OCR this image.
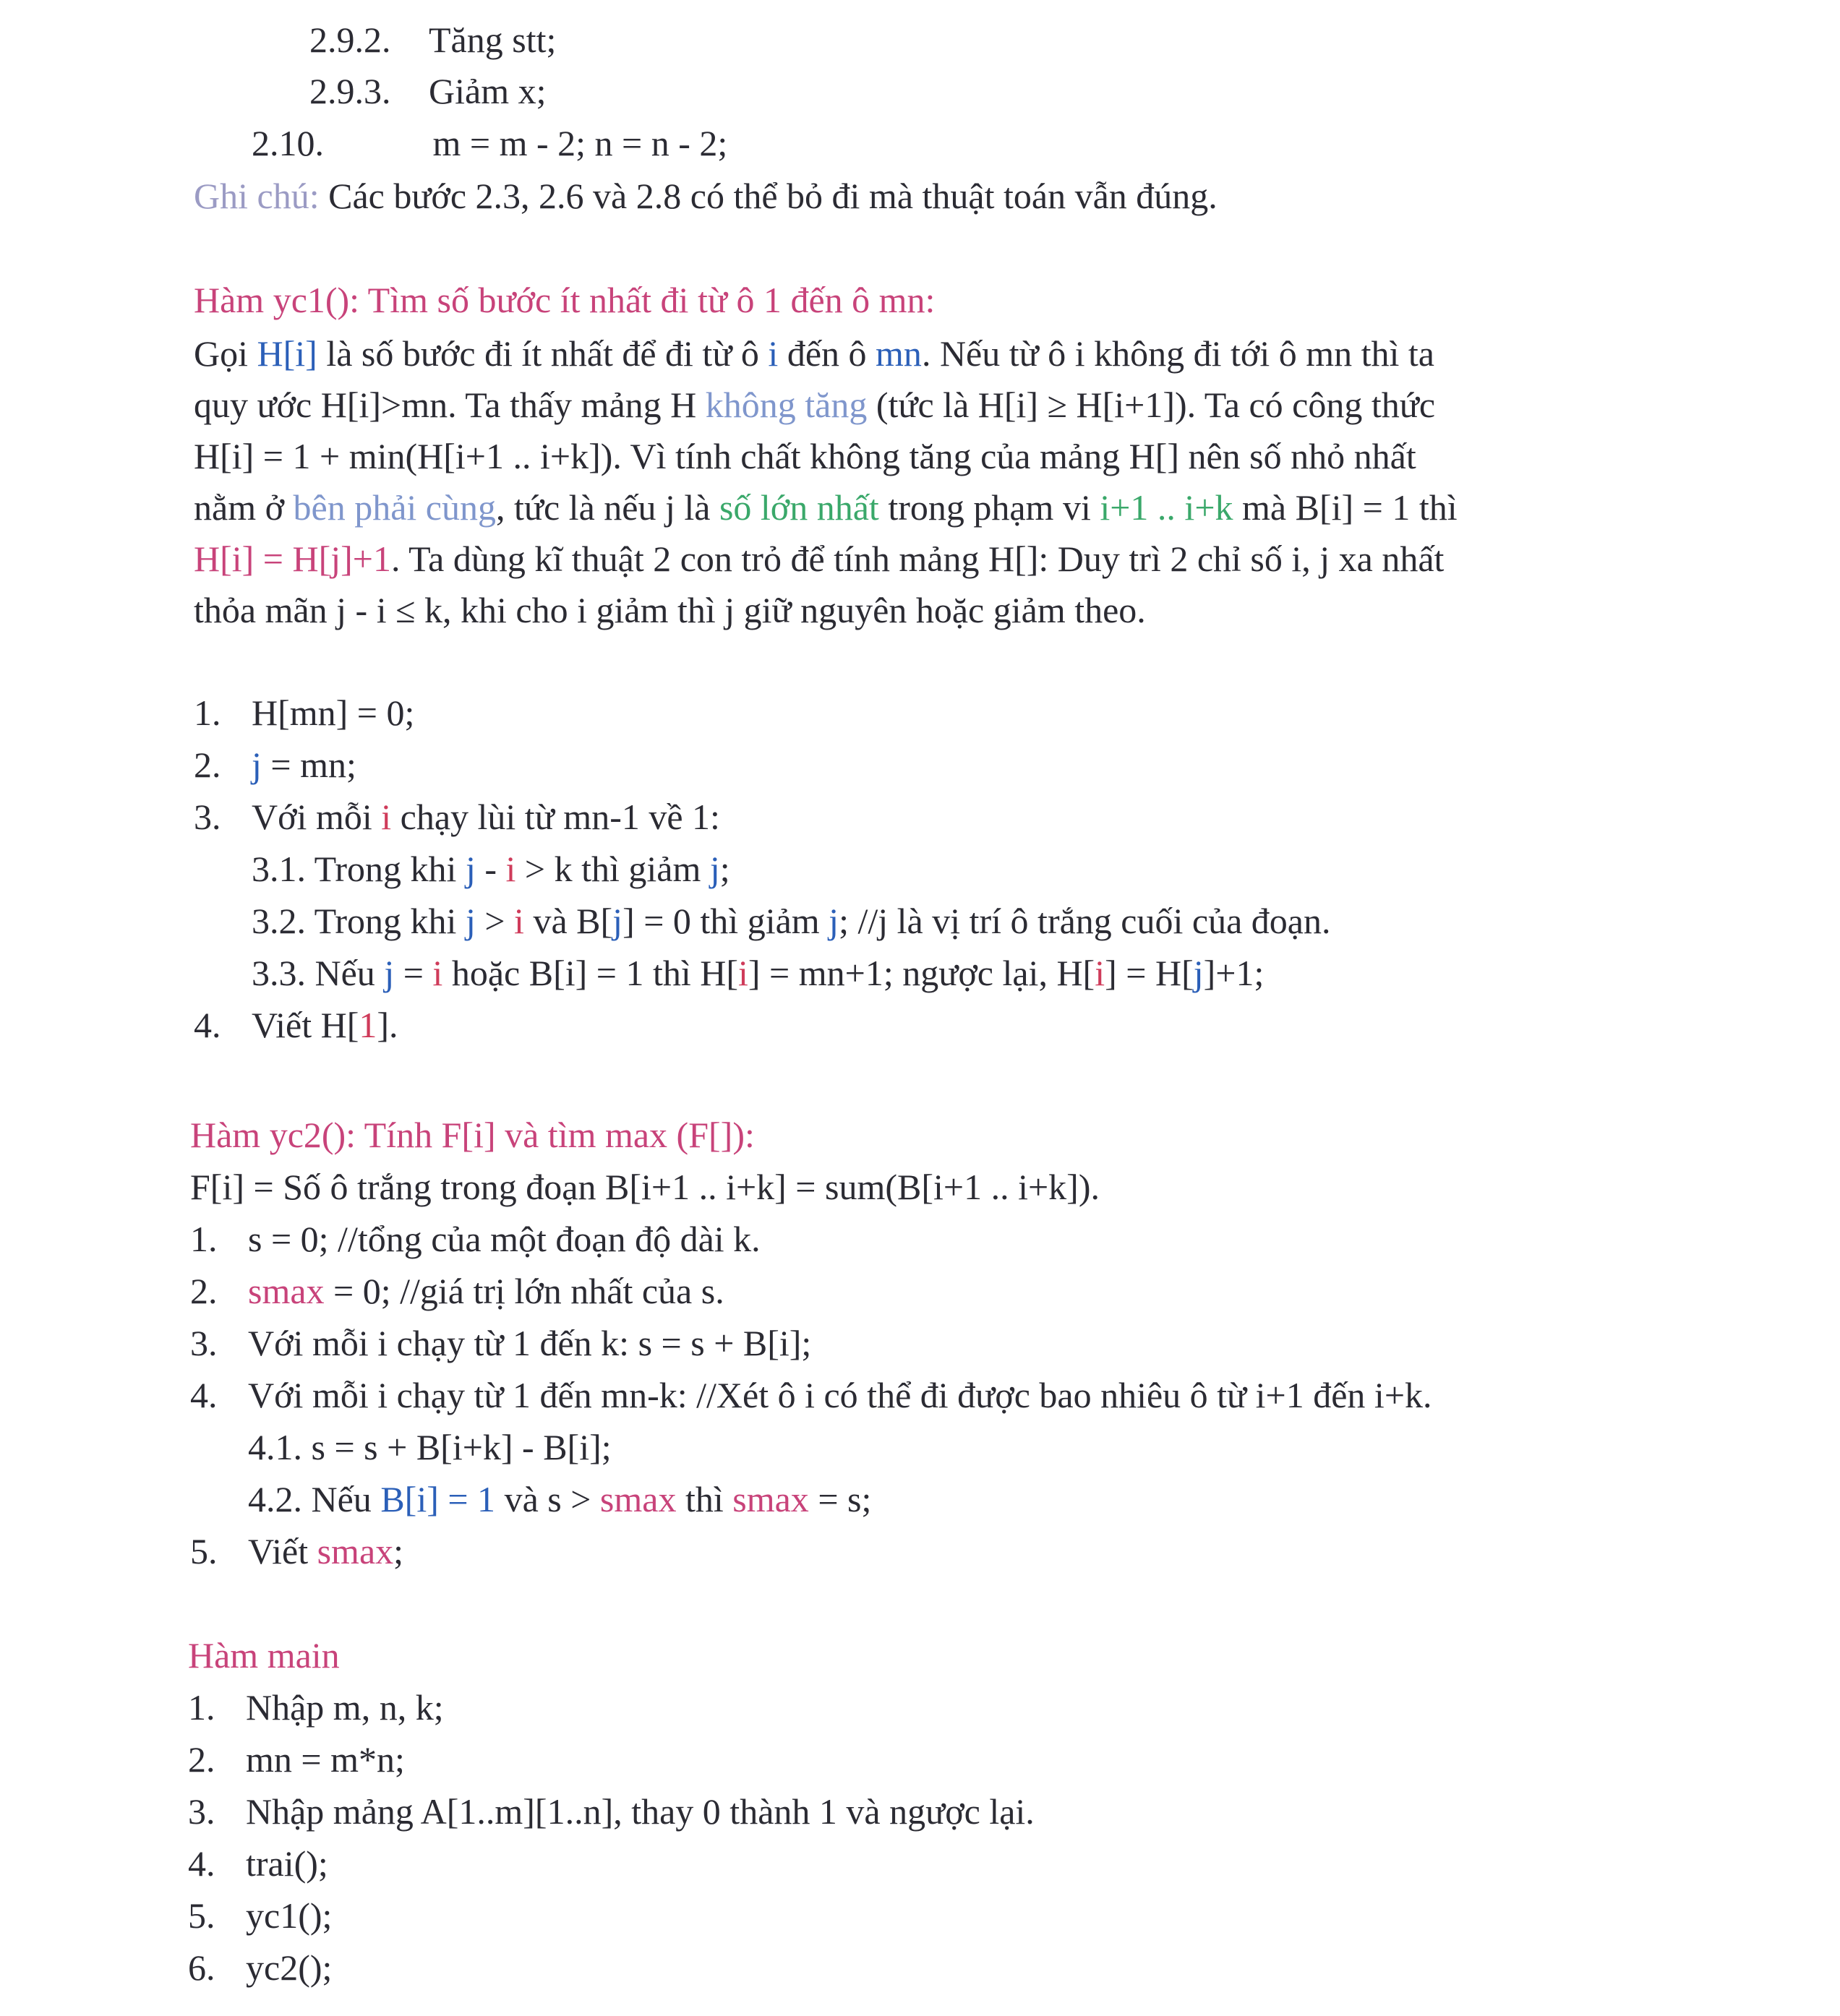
2.9.2. Tăng stt;
2.9.3. Giảm x;
2.10.	m = m - 2; n = n - 2;
Ghi chú: Các bước 2.3, 2.6 và 2.8 có thể bỏ đi mà thuật toán vẫn đúng.
Hàm yc1(): Tìm số bước ít nhất đi từ ô 1 đến ô mn:
Gọi H[i] là số bước đi ít nhất để đi từ ô i đến ô mn. Nếu từ ô i không đi tới ô mn thì ta
quy ước H[i]>mn. Ta thấy mảng H không tăng (tức là H[i] ≥ H[i+1]). Ta có công thức
H[i] = 1 + min(H[i+1 .. i+k]). Vì tính chất không tăng của mảng H[] nên số nhỏ nhất
nằm ở bên phải cùng, tức là nếu j là số lớn nhất trong phạm vi i+1 .. i+k mà B[i] = 1 thì
H[i] = H[j]+1. Ta dùng kĩ thuật 2 con trỏ để tính mảng H[]: Duy trì 2 chỉ số i, j xa nhất
thỏa mãn j - i ≤ k, khi cho i giảm thì j giữ nguyên hoặc giảm theo.
1. H[mn] = 0;
2. j = mn;
3. Với mỗi i chạy lùi từ mn-1 về 1:
3.1. Trong khi j - i > k thì giảm j;
3.2. Trong khi j > i và B[j] = 0 thì giảm j; //j là vị trí ô trắng cuối của đoạn.
3.3. Nếu j = i hoặc B[i] = 1 thì H[i] = mn+1; ngược lại, H[i] = H[j]+1;
4. Viết H[1].
Hàm yc2(): Tính F[i] và tìm max (F[]):
F[i] = Số ô trắng trong đoạn B[i+1 .. i+k] = sum(B[i+1 .. i+k]).
1. s = 0; //tổng của một đoạn độ dài k.
2. smax = 0; //giá trị lớn nhất của s.
3. Với mỗi i chạy từ 1 đến k: s = s + B[i];
4. Với mỗi i chạy từ 1 đến mn-k: //Xét ô i có thể đi được bao nhiêu ô từ i+1 đến i+k.
4.1. s = s + B[i+k] - B[i];
4.2. Nếu B[i] = 1 và s > smax thì smax = s;
5. Viết smax;
Hàm main
1. Nhập m, n, k;
2. mn = m*n;
3. Nhập mảng A[1..m][1..n], thay 0 thành 1 và ngược lại.
4. trai();
5. yc1();
6. yc2();
